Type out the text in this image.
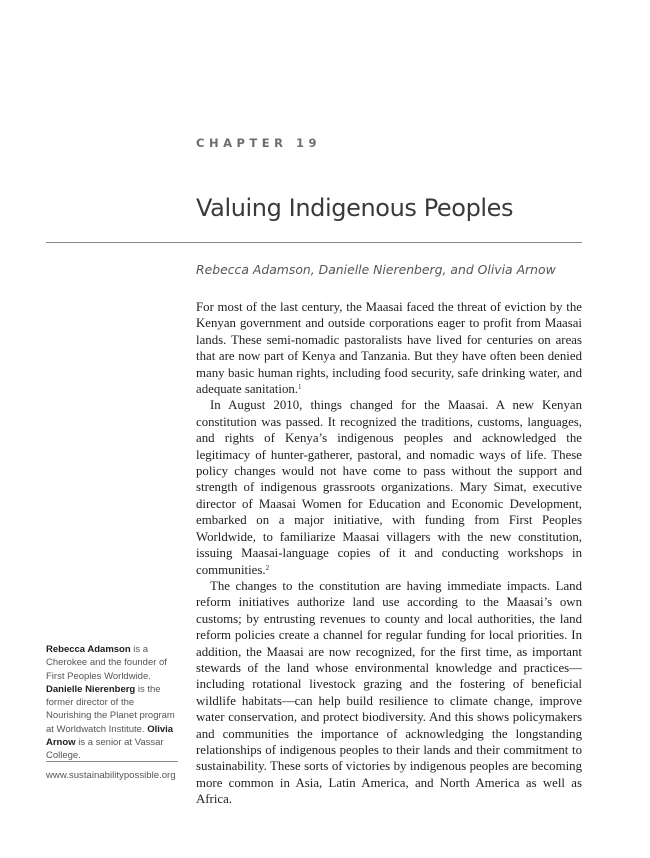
CHAPTER 19
Valuing Indigenous Peoples
Rebecca Adamson, Danielle Nierenberg, and Olivia Arnow

For most of the last century, the Maasai faced the threat of eviction by the Kenyan government and outside corporations eager to profit from Maasai lands. These semi-nomadic pastoralists have lived for centuries on areas that are now part of Kenya and Tanzania. But they have often been denied many basic human rights, including food security, safe drinking water, and adequate sanitation.$^1$

In August 2010, things changed for the Maasai. A new Kenyan constitution was passed. It recognized the traditions, customs, languages, and rights of Kenya’s indigenous peoples and acknowledged the legitimacy of hunter-gatherer, pastoral, and nomadic ways of life. These policy changes would not have come to pass without the support and strength of indigenous grassroots organizations. Mary Simat, executive director of Maasai Women for Education and Economic Development, embarked on a major initiative, with funding from First Peoples Worldwide, to familiarize Maasai villagers with the new constitution, issuing Maasai-language copies of it and conducting workshops in communities.$^2$

The changes to the constitution are having immediate impacts. Land reform initiatives authorize land use according to the Maasai’s own customs; by entrusting revenues to county and local authorities, the land reform policies create a channel for regular funding for local priorities. In addition, the Maasai are now recognized, for the first time, as important stewards of the land whose environmental knowledge and practices—including rotational livestock grazing and the fostering of beneficial wildlife habitats—can help build resilience to climate change, improve water conservation, and protect biodiversity. And this shows policymakers and communities the importance of acknowledging the longstanding relationships of indigenous peoples to their lands and their commitment to sustainability. These sorts of victories by indigenous peoples are becoming more common in Asia, Latin America, and North America as well as Africa.

Rebecca Adamson is a Cherokee and the founder of First Peoples Worldwide. Danielle Nierenberg is the former director of the Nourishing the Planet program at Worldwatch Institute. Olivia Arnow is a senior at Vassar College.
www.sustainabilitypossible.org
